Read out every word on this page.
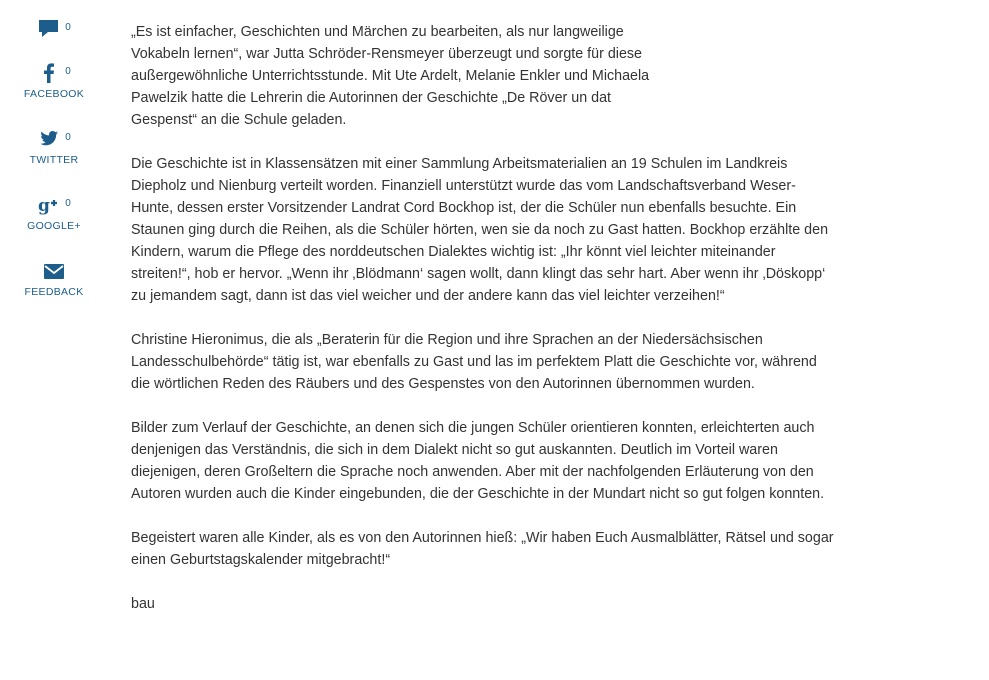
0
0
FACEBOOK
0
TWITTER
g 0
GOOGLE+
FEEDBACK

„Es ist einfacher, Geschichten und Märchen zu bearbeiten, als nur langweilige Vokabeln lernen“, war Jutta Schröder-Rensmeyer überzeugt und sorgte für diese außergewöhnliche Unterrichtsstunde. Mit Ute Ardelt, Melanie Enkler und Michaela Pawelzik hatte die Lehrerin die Autorinnen der Geschichte „De Röver un dat Gespenst“ an die Schule geladen.

Die Geschichte ist in Klassensätzen mit einer Sammlung Arbeitsmaterialien an 19 Schulen im Landkreis Diepholz und Nienburg verteilt worden. Finanziell unterstützt wurde das vom Landschaftsverband Weser-Hunte, dessen erster Vorsitzender Landrat Cord Bockhop ist, der die Schüler nun ebenfalls besuchte. Ein Staunen ging durch die Reihen, als die Schüler hörten, wen sie da noch zu Gast hatten. Bockhop erzählte den Kindern, warum die Pflege des norddeutschen Dialektes wichtig ist: „Ihr könnt viel leichter miteinander streiten!“, hob er hervor. „Wenn ihr ‚Blödmann‘ sagen wollt, dann klingt das sehr hart. Aber wenn ihr ‚Döskopp‘ zu jemandem sagt, dann ist das viel weicher und der andere kann das viel leichter verzeihen!“

Christine Hieronimus, die als „Beraterin für die Region und ihre Sprachen an der Niedersächsischen Landesschulbehörde“ tätig ist, war ebenfalls zu Gast und las im perfektem Platt die Geschichte vor, während die wörtlichen Reden des Räubers und des Gespenstes von den Autorinnen übernommen wurden.

Bilder zum Verlauf der Geschichte, an denen sich die jungen Schüler orientieren konnten, erleichterten auch denjenigen das Verständnis, die sich in dem Dialekt nicht so gut auskannten. Deutlich im Vorteil waren diejenigen, deren Großeltern die Sprache noch anwenden. Aber mit der nachfolgenden Erläuterung von den Autoren wurden auch die Kinder eingebunden, die der Geschichte in der Mundart nicht so gut folgen konnten.

Begeistert waren alle Kinder, als es von den Autorinnen hieß: „Wir haben Euch Ausmalblätter, Rätsel und sogar einen Geburtstagskalender mitgebracht!“

bau
